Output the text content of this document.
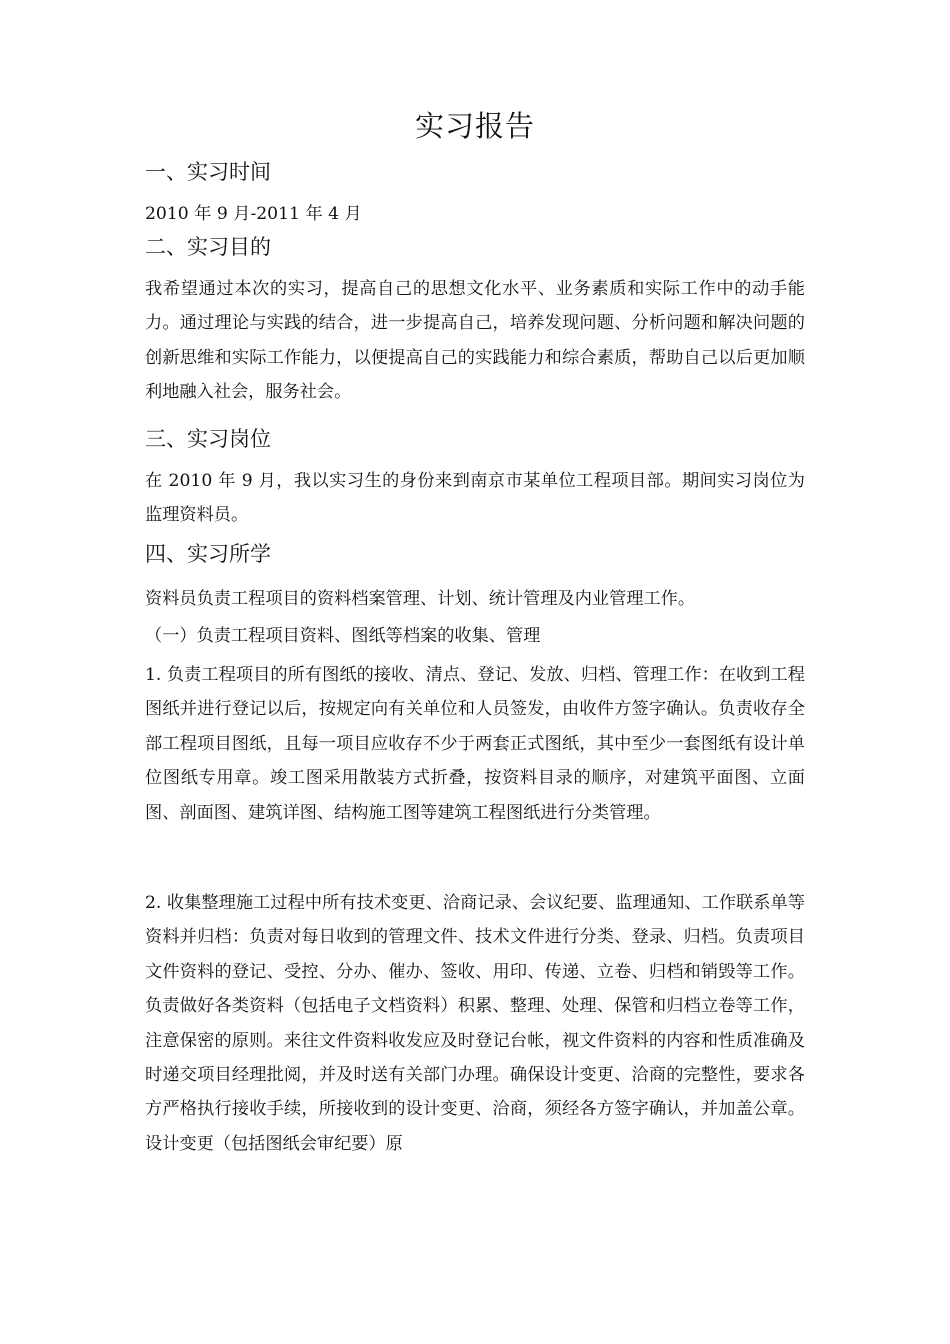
实习报告
一、实习时间
2010 年 9 月-2011 年 4 月
二、实习目的
我希望通过本次的实习，提高自己的思想文化水平、业务素质和实际工作中的动手能力。通过理论与实践的结合，进一步提高自己，培养发现问题、分析问题和解决问题的创新思维和实际工作能力，以便提高自己的实践能力和综合素质，帮助自己以后更加顺利地融入社会，服务社会。
三、实习岗位
在 2010 年 9 月，我以实习生的身份来到南京市某单位工程项目部。期间实习岗位为监理资料员。
四、实习所学
资料员负责工程项目的资料档案管理、计划、统计管理及内业管理工作。
（一）负责工程项目资料、图纸等档案的收集、管理
1. 负责工程项目的所有图纸的接收、清点、登记、发放、归档、管理工作：在收到工程图纸并进行登记以后，按规定向有关单位和人员签发，由收件方签字确认。负责收存全部工程项目图纸，且每一项目应收存不少于两套正式图纸，其中至少一套图纸有设计单位图纸专用章。竣工图采用散装方式折叠，按资料目录的顺序，对建筑平面图、立面图、剖面图、建筑详图、结构施工图等建筑工程图纸进行分类管理。
2. 收集整理施工过程中所有技术变更、洽商记录、会议纪要、监理通知、工作联系单等资料并归档：负责对每日收到的管理文件、技术文件进行分类、登录、归档。负责项目文件资料的登记、受控、分办、催办、签收、用印、传递、立卷、归档和销毁等工作。负责做好各类资料（包括电子文档资料）积累、整理、处理、保管和归档立卷等工作，注意保密的原则。来往文件资料收发应及时登记台帐，视文件资料的内容和性质准确及时递交项目经理批阅，并及时送有关部门办理。确保设计变更、洽商的完整性，要求各方严格执行接收手续，所接收到的设计变更、洽商，须经各方签字确认，并加盖公章。设计变更（包括图纸会审纪要）原
